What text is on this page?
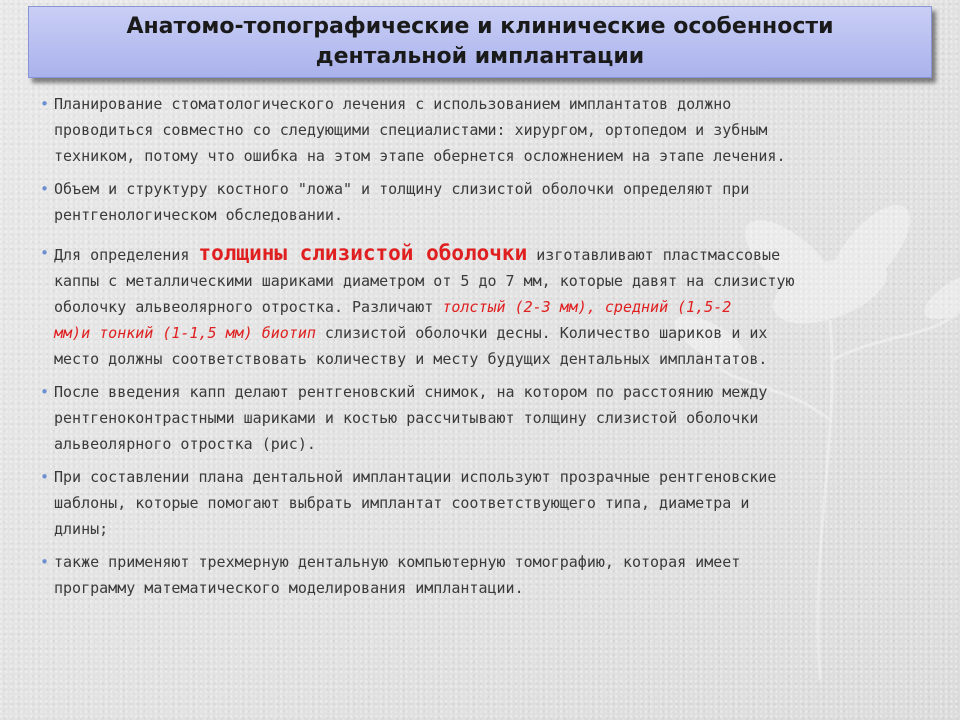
Анатомо-топографические и клинические особенности
дентальной имплантации
• Планирование стоматологического лечения с использованием имплантатов должно
проводиться совместно со следующими специалистами: хирургом, ортопедом и зубным
техником, потому что ошибка на этом этапе обернется осложнением на этапе лечения.
• Объем и структуру костного "ложа" и толщину слизистой оболочки определяют при
рентгенологическом обследовании.
• Для определения толщины слизистой оболочки изготавливают пластмассовые
каппы с металлическими шариками диаметром от 5 до 7 мм, которые давят на слизистую
оболочку альвеолярного отростка. Различают толстый (2-3 мм), средний (1,5-2
мм)и тонкий (1-1,5 мм) биотип слизистой оболочки десны. Количество шариков и их
место должны соответствовать количеству и месту будущих дентальных имплантатов.
• После введения капп делают рентгеновский снимок, на котором по расстоянию между
рентгеноконтрастными шариками и костью рассчитывают толщину слизистой оболочки
альвеолярного отростка (рис).
• При составлении плана дентальной имплантации используют прозрачные рентгеновские
шаблоны, которые помогают выбрать имплантат соответствующего типа, диаметра и
длины;
• также применяют трехмерную дентальную компьютерную томографию, которая имеет
программу математического моделирования имплантации.
